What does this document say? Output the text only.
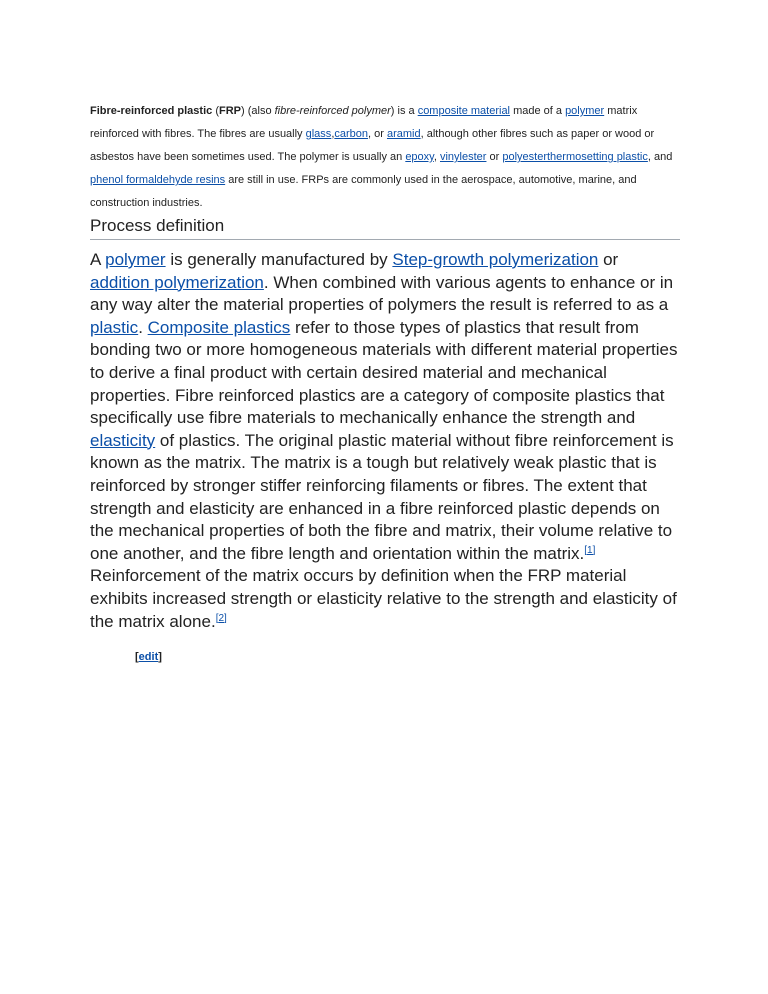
Fibre-reinforced plastic (FRP) (also fibre-reinforced polymer) is a composite material made of a polymer matrix reinforced with fibres. The fibres are usually glass,carbon, or aramid, although other fibres such as paper or wood or asbestos have been sometimes used. The polymer is usually an epoxy, vinylester or polyesterthermosetting plastic, and phenol formaldehyde resins are still in use. FRPs are commonly used in the aerospace, automotive, marine, and construction industries.
Process definition
A polymer is generally manufactured by Step-growth polymerization or addition polymerization. When combined with various agents to enhance or in any way alter the material properties of polymers the result is referred to as a plastic. Composite plastics refer to those types of plastics that result from bonding two or more homogeneous materials with different material properties to derive a final product with certain desired material and mechanical properties. Fibre reinforced plastics are a category of composite plastics that specifically use fibre materials to mechanically enhance the strength and elasticity of plastics. The original plastic material without fibre reinforcement is known as the matrix. The matrix is a tough but relatively weak plastic that is reinforced by stronger stiffer reinforcing filaments or fibres. The extent that strength and elasticity are enhanced in a fibre reinforced plastic depends on the mechanical properties of both the fibre and matrix, their volume relative to one another, and the fibre length and orientation within the matrix.[1] Reinforcement of the matrix occurs by definition when the FRP material exhibits increased strength or elasticity relative to the strength and elasticity of the matrix alone.[2]
[edit]
